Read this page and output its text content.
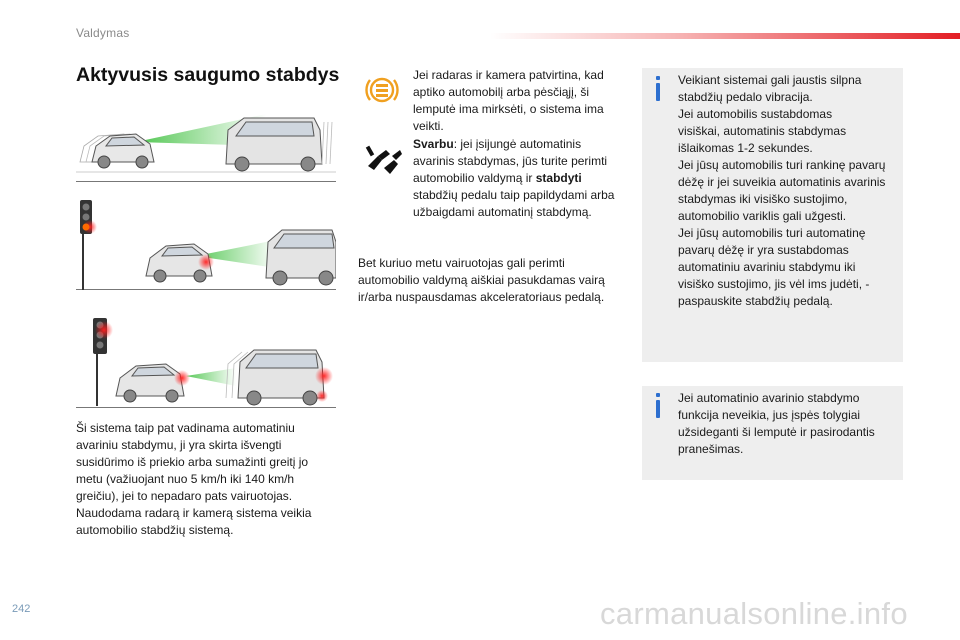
Valdymas
Aktyvusis saugumo stabdys
Ši sistema taip pat vadinama automatiniu avariniu stabdymu, ji yra skirta išvengti susidūrimo iš priekio arba sumažinti greitį jo metu (važiuojant nuo 5 km/h iki 140 km/h greičiu), jei to nepadaro pats vairuotojas. Naudodama radarą ir kamerą sistema veikia automobilio stabdžių sistemą.
Jei radaras ir kamera patvirtina, kad aptiko automobilį arba pėsčiąjį, ši lemputė ima mirksėti, o sistema ima veikti.
Svarbu: jei įsijungė automatinis avarinis stabdymas, jūs turite perimti automobilio valdymą ir stabdyti stabdžių pedalu taip papildydami arba užbaigdami automatinį stabdymą.
Bet kuriuo metu vairuotojas gali perimti automobilio valdymą aiškiai pasukdamas vairą ir/arba nuspausdamas akceleratoriaus pedalą.
Veikiant sistemai gali jaustis silpna
stabdžių pedalo vibracija.
Jei automobilis sustabdomas
visiškai, automatinis stabdymas
išlaikomas 1-2 sekundes.
Jei jūsų automobilis turi rankinę pavarų
dėžę ir jei suveikia automatinis avarinis
stabdymas iki visiško sustojimo,
automobilio variklis gali užgesti.
Jei jūsų automobilis turi automatinę
pavarų dėžę ir yra sustabdomas
automatiniu avariniu stabdymu iki
visiško sustojimo, jis vėl ims judėti, -
paspauskite stabdžių pedalą.
Jei automatinio avarinio stabdymo
funkcija neveikia, jus įspės tolygiai
užsideganti ši lemputė ir pasirodantis
pranešimas.
242	carmanualsonline.info
